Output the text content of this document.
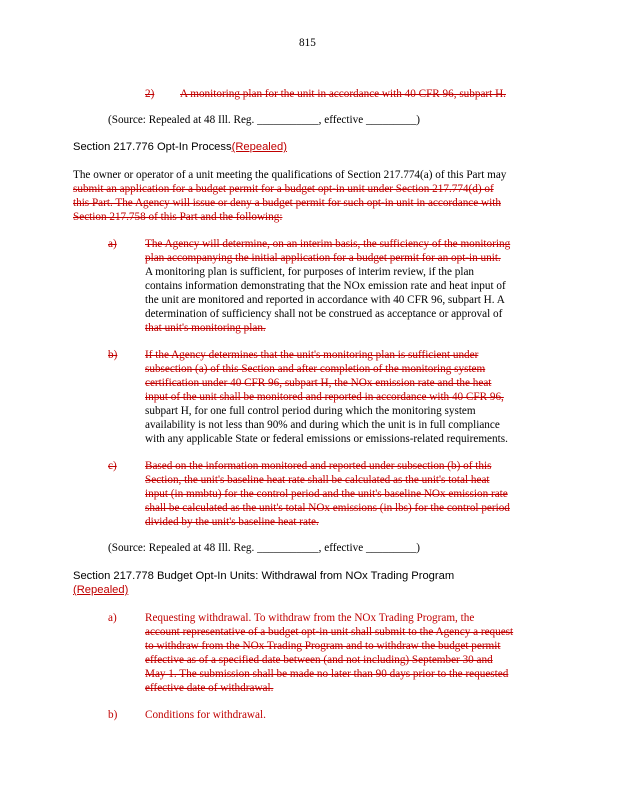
815
2) A monitoring plan for the unit in accordance with 40 CFR 96, subpart H.
(Source: Repealed at 48 Ill. Reg. ___________, effective _________)
Section 217.776 Opt-In Process(Repealed)
The owner or operator of a unit meeting the qualifications of Section 217.774(a) of this Part may
submit an application for a budget permit for a budget opt-in unit under Section 217.774(d) of
this Part. The Agency will issue or deny a budget permit for such opt-in unit in accordance with
Section 217.758 of this Part and the following:
a)	The Agency will determine, on an interim basis, the sufficiency of the monitoring
plan accompanying the initial application for a budget permit for an opt-in unit.
A monitoring plan is sufficient, for purposes of interim review, if the plan
contains information demonstrating that the NOx emission rate and heat input of
the unit are monitored and reported in accordance with 40 CFR 96, subpart H. A
determination of sufficiency shall not be construed as acceptance or approval of
that unit's monitoring plan.
b) If the Agency determines that the unit's monitoring plan is sufficient under
subsection (a) of this Section and after completion of the monitoring system
certification under 40 CFR 96, subpart H, the NOx emission rate and the heat
input of the unit shall be monitored and reported in accordance with 40 CFR 96,
subpart H, for one full control period during which the monitoring system
availability is not less than 90% and during which the unit is in full compliance
with any applicable State or federal emissions or emissions-related requirements.
c)	Based on the information monitored and reported under subsection (b) of this
Section, the unit's baseline heat rate shall be calculated as the unit's total heat
input (in mmbtu) for the control period and the unit's baseline NOx emission rate
shall be calculated as the unit's total NOx emissions (in lbs) for the control period
divided by the unit's baseline heat rate.
(Source: Repealed at 48 Ill. Reg. ___________, effective _________)
Section 217.778 Budget Opt-In Units: Withdrawal from NOx Trading Program
(Repealed)
a)	Requesting withdrawal. To withdraw from the NOx Trading Program, the
account representative of a budget opt-in unit shall submit to the Agency a request
to withdraw from the NOx Trading Program and to withdraw the budget permit
effective as of a specified date between (and not including) September 30 and
May 1. The submission shall be made no later than 90 days prior to the requested
effective date of withdrawal.
b) Conditions for withdrawal.
